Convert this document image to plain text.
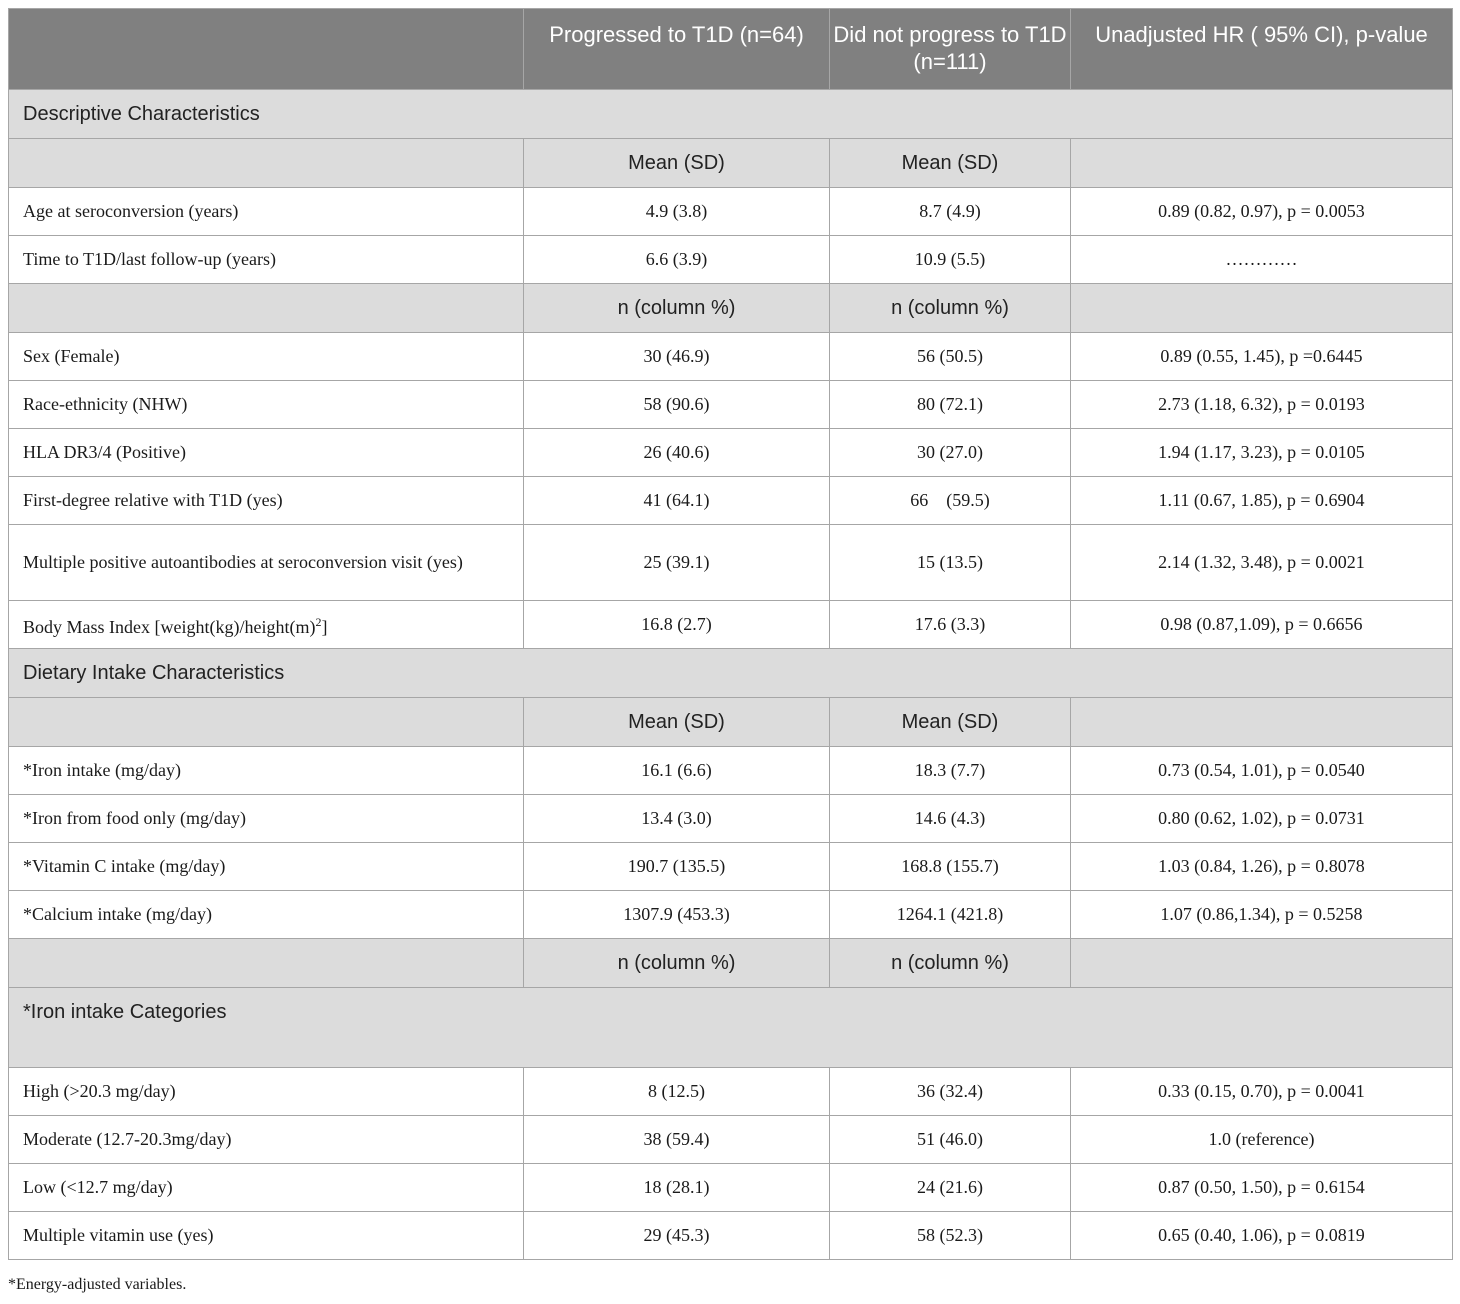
	Progressed to T1D (n=64)	Did not progress to T1D (n=111)	Unadjusted HR ( 95% CI), p-value
Descriptive Characteristics			
	Mean (SD)	Mean (SD)	
Age at seroconversion (years)	4.9 (3.8)	8.7 (4.9)	0.89 (0.82, 0.97), p = 0.0053
Time to T1D/last follow-up (years)	6.6 (3.9)	10.9 (5.5)	…………
	n (column %)	n (column %)	
Sex (Female)	30 (46.9)	56 (50.5)	0.89 (0.55, 1.45), p =0.6445
Race-ethnicity (NHW)	58 (90.6)	80 (72.1)	2.73 (1.18, 6.32), p = 0.0193
HLA DR3/4 (Positive)	26 (40.6)	30 (27.0)	1.94 (1.17, 3.23), p = 0.0105
First-degree relative with T1D (yes)	41 (64.1)	66    (59.5)	1.11 (0.67, 1.85), p = 0.6904
Multiple positive autoantibodies at seroconversion visit (yes)	25 (39.1)	15 (13.5)	2.14 (1.32, 3.48), p = 0.0021
Body Mass Index $[weight(kg)/height(m)^2]$	16.8 (2.7)	17.6 (3.3)	0.98 (0.87,1.09), p = 0.6656
Dietary Intake Characteristics			
	Mean (SD)	Mean (SD)	
*Iron intake (mg/day)	16.1 (6.6)	18.3 (7.7)	0.73 (0.54, 1.01), p = 0.0540
*Iron from food only (mg/day)	13.4 (3.0)	14.6 (4.3)	0.80 (0.62, 1.02), p = 0.0731
*Vitamin C intake (mg/day)	190.7 (135.5)	168.8 (155.7)	1.03 (0.84, 1.26), p = 0.8078
*Calcium intake (mg/day)	1307.9 (453.3)	1264.1 (421.8)	1.07 (0.86,1.34), p = 0.5258
	n (column %)	n (column %)	
*Iron intake Categories			
High (>20.3 mg/day)	8 (12.5)	36 (32.4)	0.33 (0.15, 0.70), p = 0.0041
Moderate (12.7-20.3mg/day)	38 (59.4)	51 (46.0)	1.0 (reference)
Low (<12.7 mg/day)	18 (28.1)	24 (21.6)	0.87 (0.50, 1.50), p = 0.6154
Multiple vitamin use (yes)	29 (45.3)	58 (52.3)	0.65 (0.40, 1.06), p = 0.0819
*Energy-adjusted variables.
